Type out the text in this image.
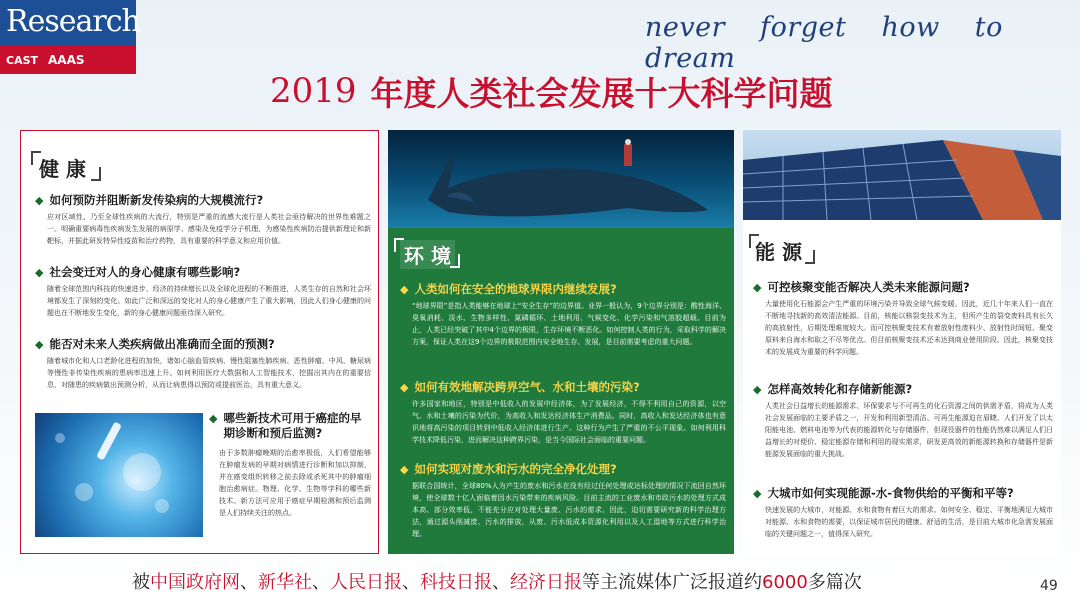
Research
CAST AAAS
never forget how to dream
2019 年度人类社会发展十大科学问题
健 康
◆ 如何预防并阻断新发传染病的大规模流行?
应对区域性、乃至全球性疾病的大流行，特别是严重的流感大流行是人类社会亟待解决的世界性难题之一。明确重要病毒性疾病发生发展的病原学、感染及免疫学分子机理，为感染性疾病防治提供新理论和新靶标，并据此研发特异性疫苗和治疗药物，具有重要的科学意义和应用价值。
◆ 社会变迁对人的身心健康有哪些影响?
随着全球范围内科技的快速进步、经济的持续增长以及全球化进程的不断推进，人类生存的自然和社会环境都发生了深刻的变化。如此广泛和深远的变化对人的身心健康产生了重大影响，因此人们身心健康的问题也在不断地发生变化，新的身心健康问题亟待深入研究。
◆ 能否对未来人类疾病做出准确而全面的预测?
随着城市化和人口老龄化进程的加快，诸如心脑血管疾病、慢性阻塞性肺疾病、恶性肿瘤、中风、糖尿病等慢性非传染性疾病的患病率迅速上升。如何利用医疗大数据和人工智能技术，挖掘出其内在的重要信息，对随患的疾病做出预测分析，从而让病患得以预防或提前医治，具有重大意义。
◆ 哪些新技术可用于癌症的早期诊断和预后监测?
由于多数肿瘤晚期的治愈率极低，人们希望能够在肿瘤发病的早期对病情进行诊断和加以抑制，并在癌变组织转移之前去除或杀死其中的肿瘤细胞治愈病症。物理、化学、生物等学科的哪些新技术、新方法可应用于癌症早期检测和预后监测是人们持续关注的热点。
环 境
◆ 人类如何在安全的地球界限内继续发展?
“地球界限”是指人类能够在地球上“安全生存”的边界值。业界一般认为，9个边界分别是：酸性海洋、臭氧消耗、淡水、生物多样性、氮磷循环、土地利用、气候变化、化学污染和气溶胶超载。目前为止，人类已经突破了其中4个边界的极限，生存环境不断恶化。如何控制人类的行为，采取科学的解决方案，保证人类在这9个边界的极限范围内安全地生存、发展，是目前需要考虑的重大问题。
◆ 如何有效地解决跨界空气、水和土壤的污染?
许多国家和地区，特别是中低收入的发展中经济体，为了发展经济，不得不利用自己的资源，以空气、水和土壤的污染为代价，为高收入和发达经济体生产消费品。同时，高收入和发达经济体也有意识地将高污染的项目转到中低收入经济体进行生产。这种行为产生了严重的不公平现象。如何利用科学技术降低污染，进而解决这种跨界污染，是当今国际社会面临的重要问题。
◆ 如何实现对废水和污水的完全净化处理?
据联合国统计，全球80%人为产生的废水和污水在没有经过任何处理或达标处理的情况下流回自然环境，使全球数十亿人面临着因水污染带来的疾病风险。目前主流的工业废水和市政污水的处理方式成本高、部分效率低，不能充分应对处理大量废、污水的需求。因此，迫切需要研究新的科学治理方法，通过源头削减废、污水的排放，从废、污水低成本资源化利用以及人工湿地等方式进行科学治理。
能 源
◆ 可控核聚变能否解决人类未来能源问题?
大量使用化石能源会产生严重的环境污染并导致全球气候变暖。因此，近几十年来人们一直在不断地寻找新的高效清洁能源。目前，核能以核裂变技术为主，但所产生的裂变废料具有长久的高放射性，后期处理难度较大。而可控核聚变技术有着放射性废料少、放射性时间短、聚变原料来自海水和取之不尽等优点。但目前核聚变技术还未达到商业使用阶段。因此，核聚变技术的发展成为重要的科学问题。
◆ 怎样高效转化和存储新能源?
人类社会日益增长的能源需求、环保要求与不可再生的化石资源之间的供需矛盾，将成为人类社会发展面临的主要矛盾之一，开发和利用新型清洁、可再生能源迫在眉睫。人们开发了以太阳能电池、燃料电池等为代表的能源转化与存储器件，但现役器件的性能仍然难以满足人们日益增长的对便价、稳定能源存储和利用的现实需求，研发更高效的新能源转换和存储器件是新能源发展面临的重大挑战。
◆ 大城市如何实现能源-水-食物供给的平衡和平等?
快速发展的大城市，对能源、水和食物有着巨大的需求。如何安全、稳定、平衡地满足大城市对能源、水和食物的需要，以保证城市居民的健康、舒适的生活，是目前大城市化急需发展面临的关键问题之一，值得深入研究。
被中国政府网、新华社、人民日报、科技日报、经济日报等主流媒体广泛报道约6000多篇次	49
